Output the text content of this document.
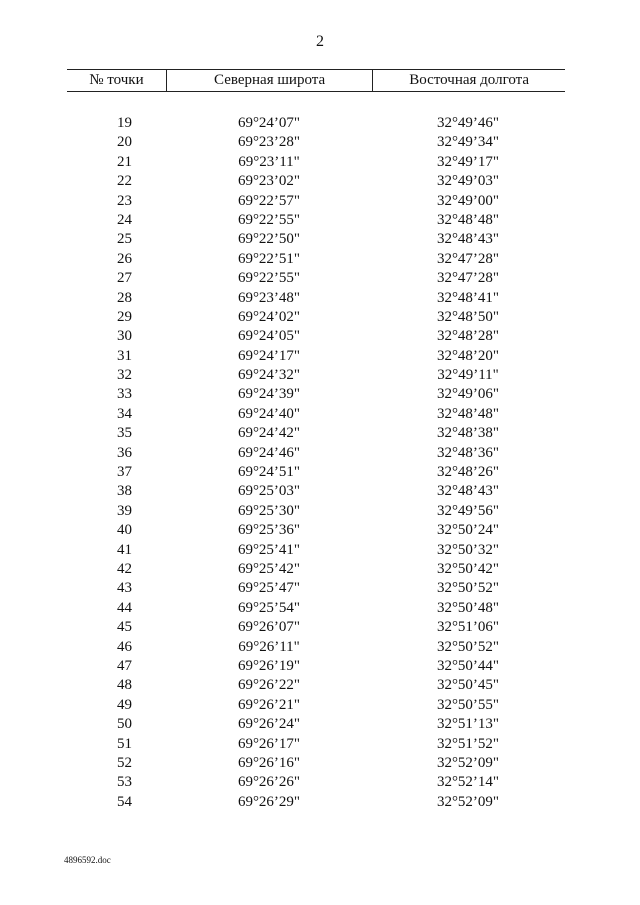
2
№ точки	Северная широта	Восточная долгота
19	69°24’07"	32°49’46"
20	69°23’28"	32°49’34"
21	69°23’11"	32°49’17"
22	69°23’02"	32°49’03"
23	69°22’57"	32°49’00"
24	69°22’55"	32°48’48"
25	69°22’50"	32°48’43"
26	69°22’51"	32°47’28"
27	69°22’55"	32°47’28"
28	69°23’48"	32°48’41"
29	69°24’02"	32°48’50"
30	69°24’05"	32°48’28"
31	69°24’17"	32°48’20"
32	69°24’32"	32°49’11"
33	69°24’39"	32°49’06"
34	69°24’40"	32°48’48"
35	69°24’42"	32°48’38"
36	69°24’46"	32°48’36"
37	69°24’51"	32°48’26"
38	69°25’03"	32°48’43"
39	69°25’30"	32°49’56"
40	69°25’36"	32°50’24"
41	69°25’41"	32°50’32"
42	69°25’42"	32°50’42"
43	69°25’47"	32°50’52"
44	69°25’54"	32°50’48"
45	69°26’07"	32°51’06"
46	69°26’11"	32°50’52"
47	69°26’19"	32°50’44"
48	69°26’22"	32°50’45"
49	69°26’21"	32°50’55"
50	69°26’24"	32°51’13"
51	69°26’17"	32°51’52"
52	69°26’16"	32°52’09"
53	69°26’26"	32°52’14"
54	69°26’29"	32°52’09"
4896592.doc
